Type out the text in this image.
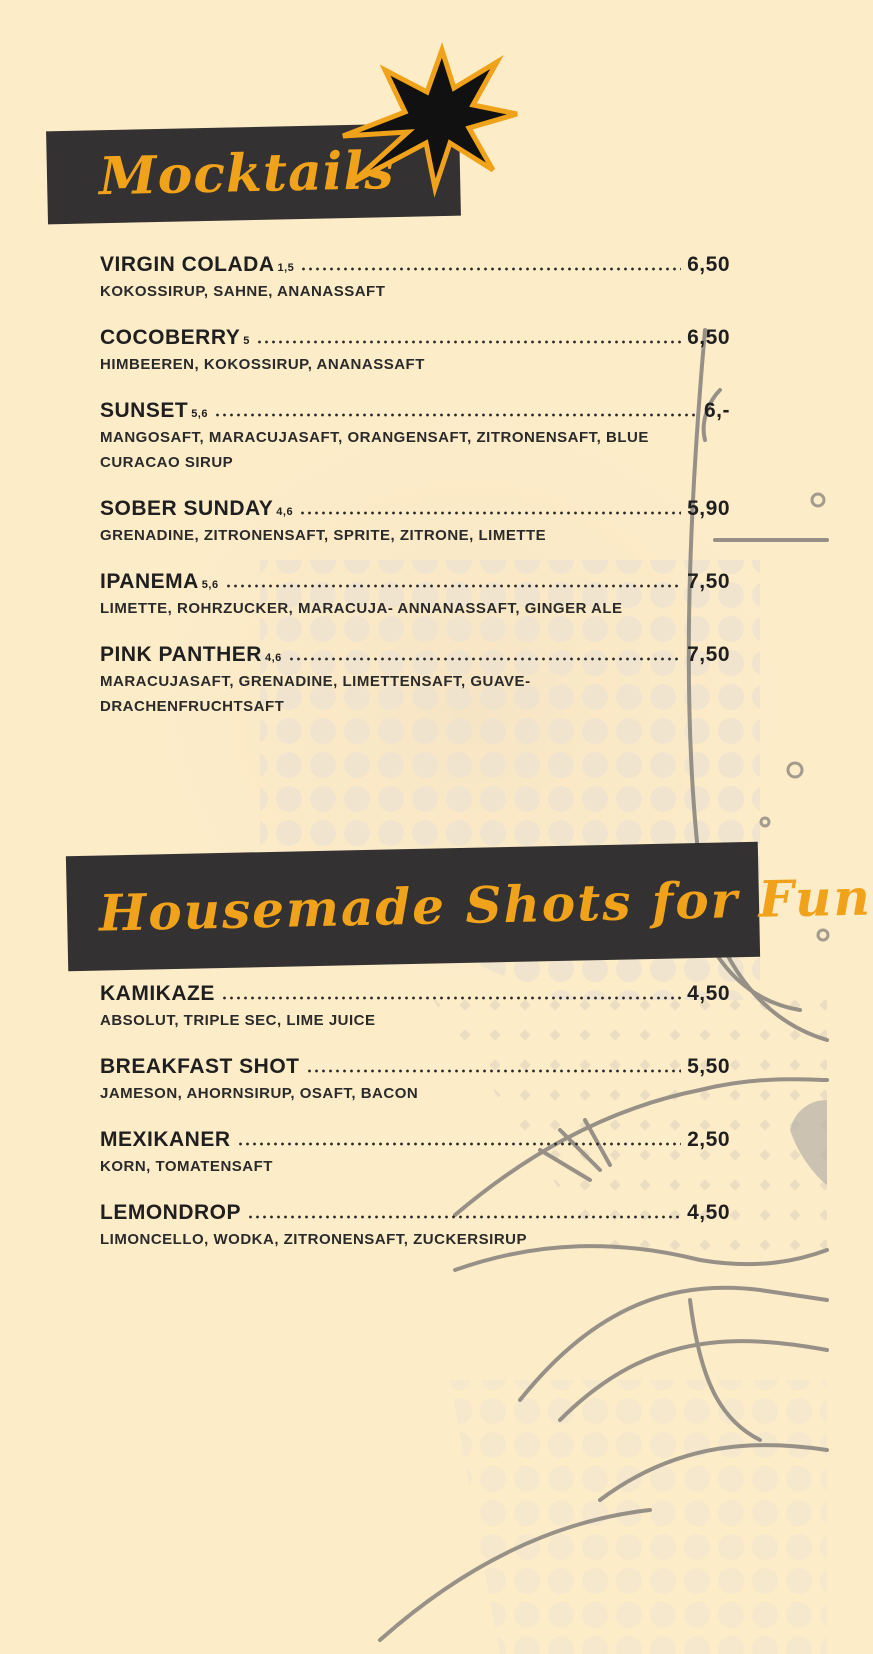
Mocktails
VIRGIN COLADA 1,5	6,50
KOKOSSIRUP, SAHNE, ANANASSAFT
COCOBERRY 5	6,50
HIMBEEREN, KOKOSSIRUP, ANANASSAFT
SUNSET 5,6	6,-
MANGOSAFT, MARACUJASAFT, ORANGENSAFT, ZITRONENSAFT, BLUE CURACAO SIRUP
SOBER SUNDAY 4,6	5,90
GRENADINE, ZITRONENSAFT, SPRITE, ZITRONE, LIMETTE
IPANEMA 5,6	7,50
LIMETTE, ROHRZUCKER, MARACUJA- ANNANASSAFT, GINGER ALE
PINK PANTHER 4,6	7,50
MARACUJASAFT, GRENADINE, LIMETTENSAFT, GUAVE-DRACHENFRUCHTSAFT
Housemade Shots for Fun
KAMIKAZE	4,50
ABSOLUT, TRIPLE SEC, LIME JUICE
BREAKFAST SHOT	5,50
JAMESON, AHORNSIRUP, OSAFT, BACON
MEXIKANER	2,50
KORN, TOMATENSAFT
LEMONDROP	4,50
LIMONCELLO, WODKA, ZITRONENSAFT, ZUCKERSIRUP
